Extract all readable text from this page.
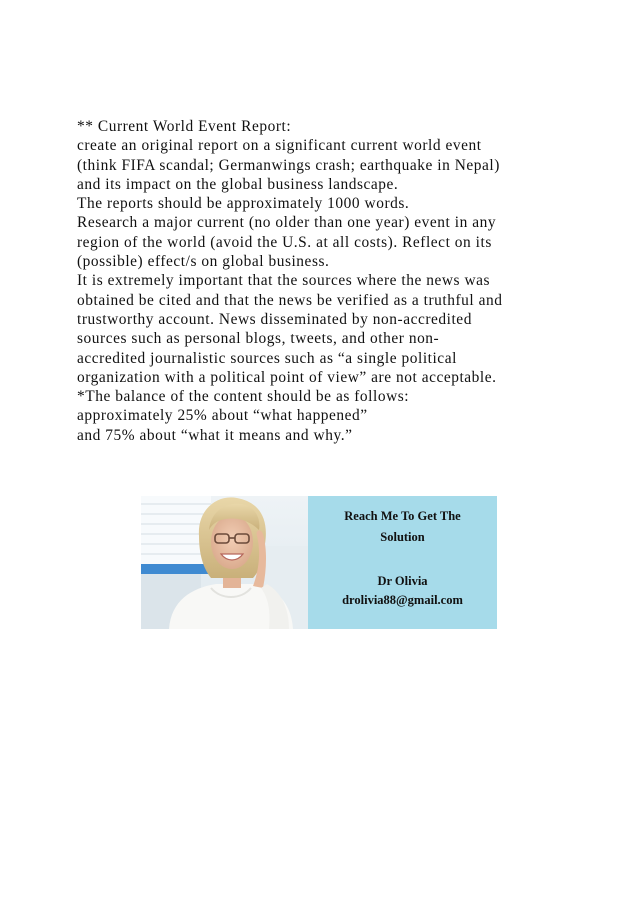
** Current World Event Report:
create an original report on a significant current world event
(think FIFA scandal; Germanwings crash; earthquake in Nepal)
and its impact on the global business landscape.
The reports should be approximately 1000 words.
Research a major current (no older than one year) event in any
region of the world (avoid the U.S. at all costs). Reflect on its
(possible) effect/s on global business.
It is extremely important that the sources where the news was
obtained be cited and that the news be verified as a truthful and
trustworthy account. News disseminated by non-accredited
sources such as personal blogs, tweets, and other non-
accredited journalistic sources such as “a single political
organization with a political point of view” are not acceptable.
*The balance of the content should be as follows:
approximately 25% about “what happened”
and 75% about “what it means and why.”
Reach Me To Get The
Solution
Dr Olivia
drolivia88@gmail.com
